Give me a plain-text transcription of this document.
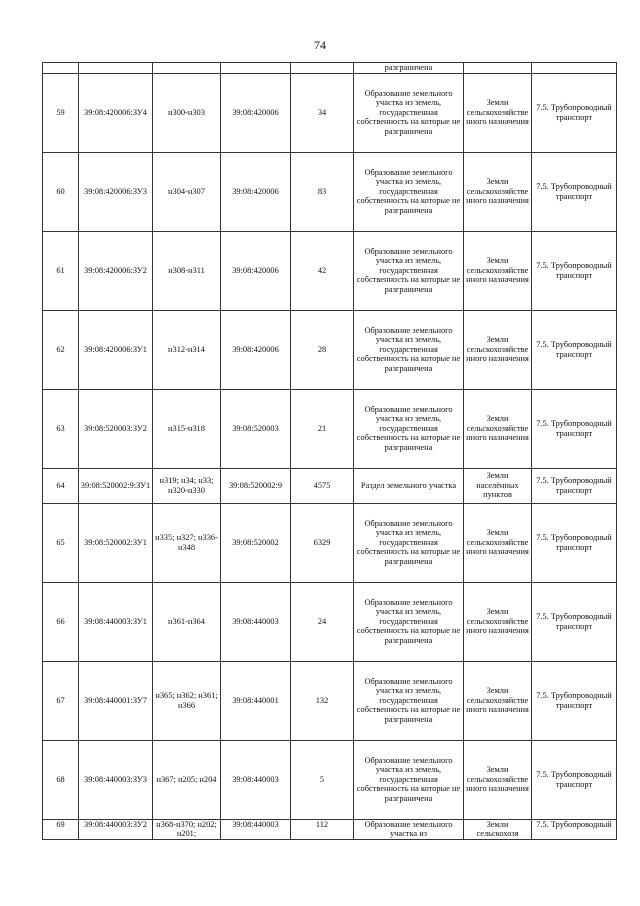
74
					разграничена		
59	39:08:420006:ЗУ4	н300-н303	39:08:420006	34	Образование земельного участка из земель, государственная собственность на которые не разграничена	Земли сельскохозяйственного назначения	7.5. Трубопроводный транспорт
60	39:08:420006:ЗУ3	н304-н307	39:08:420006	83	Образование земельного участка из земель, государственная собственность на которые не разграничена	Земли сельскохозяйственного назначения	7.5. Трубопроводный транспорт
61	39:08:420006:ЗУ2	н308-н311	39:08:420006	42	Образование земельного участка из земель, государственная собственность на которые не разграничена	Земли сельскохозяйственного назначения	7.5. Трубопроводный транспорт
62	39:08:420006:ЗУ1	н312-н314	39:08:420006	28	Образование земельного участка из земель, государственная собственность на которые не разграничена	Земли сельскохозяйственного назначения	7.5. Трубопроводный транспорт
63	39:08:520003:ЗУ2	н315-н318	39:08:520003	21	Образование земельного участка из земель, государственная собственность на которые не разграничена	Земли сельскохозяйственного назначения	7.5. Трубопроводный транспорт
64	39:08:520002:9:ЗУ1	н319; н34; н33; н320-н330	39:08:520002:9	4575	Раздел земельного участка	Земли населённых пунктов	7.5. Трубопроводный транспорт
65	39:08:520002:ЗУ1	н335; н327; н336-н348	39:08:520002	6329	Образование земельного участка из земель, государственная собственность на которые не разграничена	Земли сельскохозяйственного назначения	7.5. Трубопроводный транспорт
66	39:08:440003:ЗУ1	н361-н364	39:08:440003	24	Образование земельного участка из земель, государственная собственность на которые не разграничена	Земли сельскохозяйственного назначения	7.5. Трубопроводный транспорт
67	39:08:440001:ЗУ7	н365; н362; н361; н366	39:08:440001	132	Образование земельного участка из земель, государственная собственность на которые не разграничена	Земли сельскохозяйственного назначения	7.5. Трубопроводный транспорт
68	39:08:440003:ЗУ3	н367; н205; н204	39:08:440003	5	Образование земельного участка из земель, государственная собственность на которые не разграничена	Земли сельскохозяйственного назначения	7.5. Трубопроводный транспорт
69	39:08:440003:ЗУ2	н368-н370; н202; н201;	39:08:440003	112	Образование земельного участка из	Земли сельскохозя	7.5. Трубопроводный
